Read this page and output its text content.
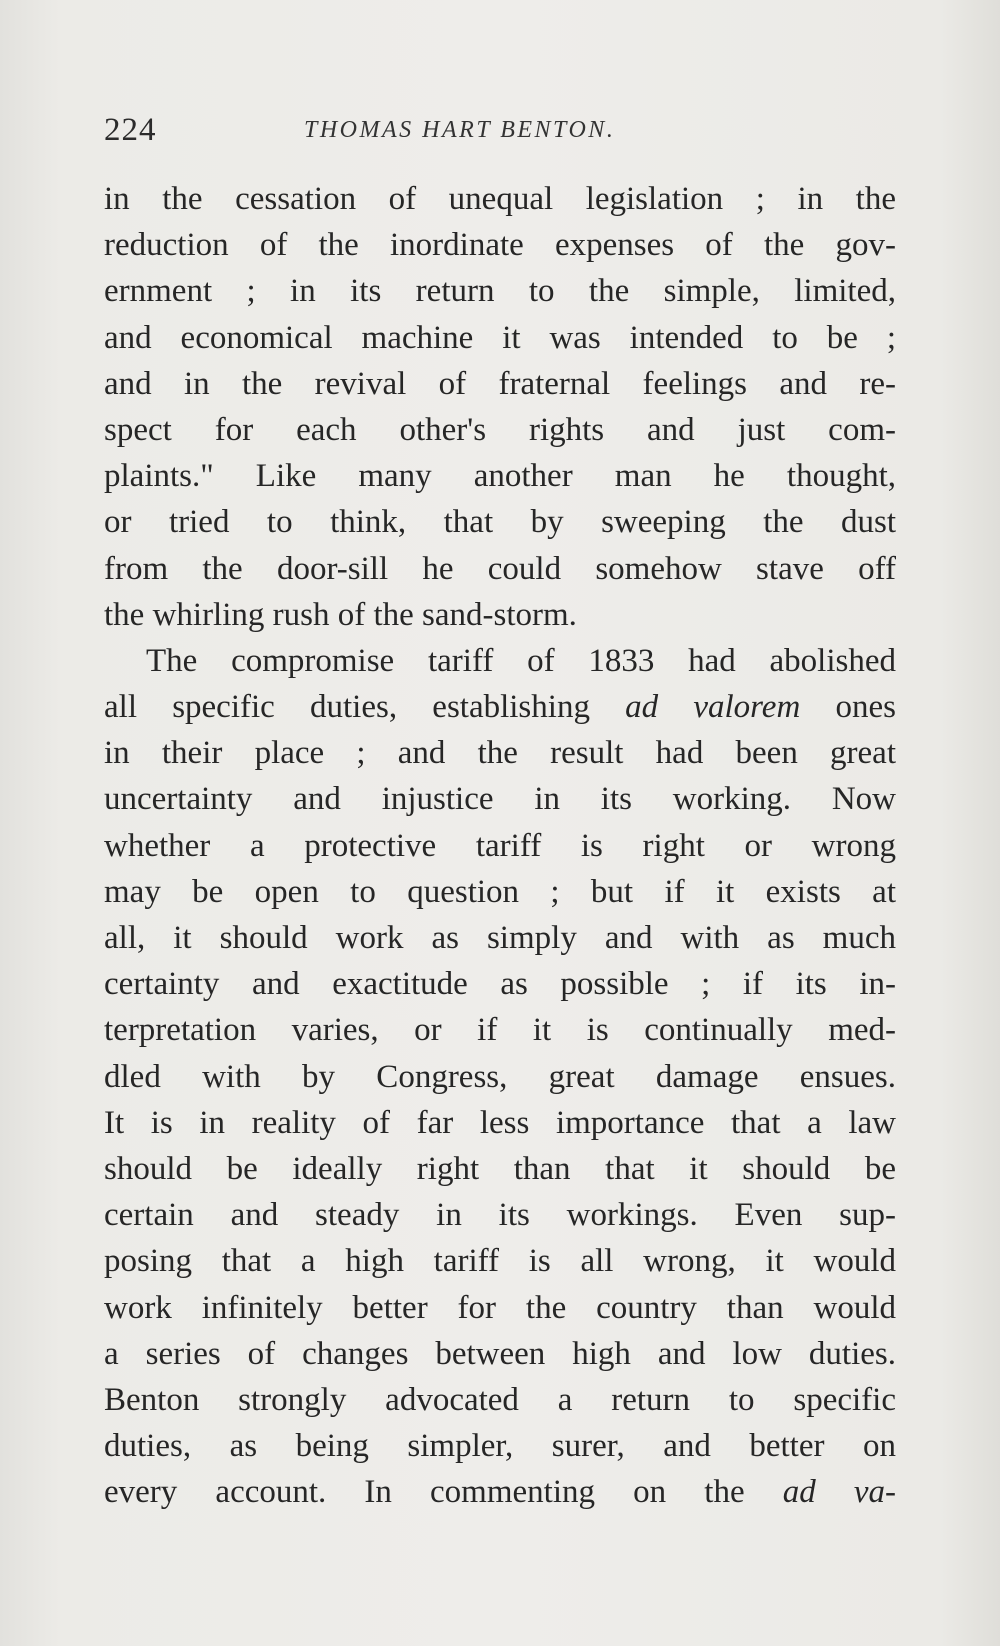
224	THOMAS HART BENTON.
in the cessation of unequal legislation ; in the
reduction of the inordinate expenses of the gov-
ernment ; in its return to the simple, limited,
and economical machine it was intended to be ;
and in the revival of fraternal feelings and re-
spect for each other's rights and just com-
plaints." Like many another man he thought,
or tried to think, that by sweeping the dust
from the door-sill he could somehow stave off
the whirling rush of the sand-storm.
The compromise tariff of 1833 had abolished
all specific duties, establishing ad valorem ones
in their place ; and the result had been great
uncertainty and injustice in its working. Now
whether a protective tariff is right or wrong
may be open to question ; but if it exists at
all, it should work as simply and with as much
certainty and exactitude as possible ; if its in-
terpretation varies, or if it is continually med-
dled with by Congress, great damage ensues.
It is in reality of far less importance that a law
should be ideally right than that it should be
certain and steady in its workings. Even sup-
posing that a high tariff is all wrong, it would
work infinitely better for the country than would
a series of changes between high and low duties.
Benton strongly advocated a return to specific
duties, as being simpler, surer, and better on
every account. In commenting on the ad va-
